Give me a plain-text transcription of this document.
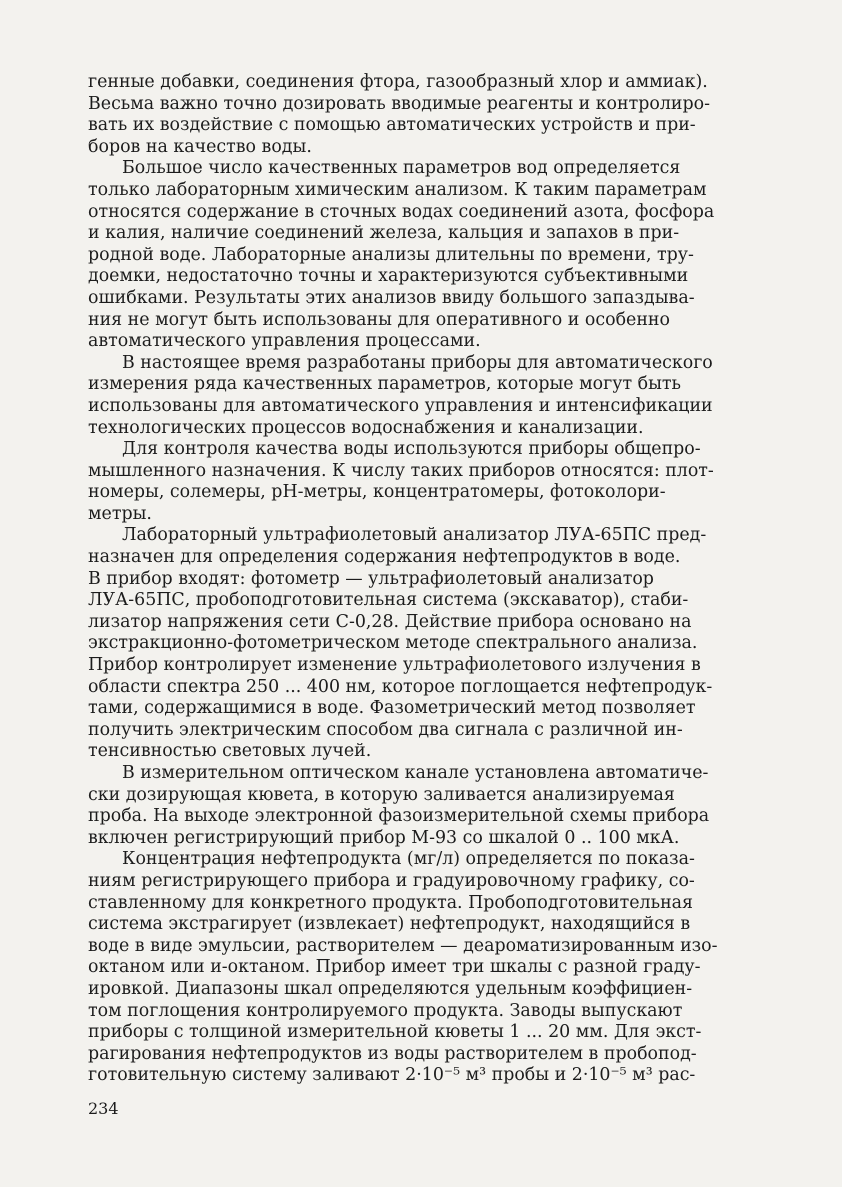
генные добавки, соединения фтора, газообразный хлор и аммиак).
Весьма важно точно дозировать вводимые реагенты и контролиро-
вать их воздействие с помощью автоматических устройств и при-
боров на качество воды.
Большое число качественных параметров вод определяется
только лабораторным химическим анализом. К таким параметрам
относятся содержание в сточных водах соединений азота, фосфора
и калия, наличие соединений железа, кальция и запахов в при-
родной воде. Лабораторные анализы длительны по времени, тру-
доемки, недостаточно точны и характеризуются субъективными
ошибками. Результаты этих анализов ввиду большого запаздыва-
ния не могут быть использованы для оперативного и особенно
автоматического управления процессами.
В настоящее время разработаны приборы для автоматического
измерения ряда качественных параметров, которые могут быть
использованы для автоматического управления и интенсификации
технологических процессов водоснабжения и канализации.
Для контроля качества воды используются приборы общепро-
мышленного назначения. К числу таких приборов относятся: плот-
номеры, солемеры, pH-метры, концентратомеры, фотоколори-
метры.
Лабораторный ультрафиолетовый анализатор ЛУА-65ПС пред-
назначен для определения содержания нефтепродуктов в воде.
В прибор входят: фотометр — ультрафиолетовый анализатор
ЛУА-65ПС, пробоподготовительная система (экскаватор), стаби-
лизатор напряжения сети С-0,28. Действие прибора основано на
экстракционно-фотометрическом методе спектрального анализа.
Прибор контролирует изменение ультрафиолетового излучения в
области спектра 250 ... 400 нм, которое поглощается нефтепродук-
тами, содержащимися в воде. Фазометрический метод позволяет
получить электрическим способом два сигнала с различной ин-
тенсивностью световых лучей.
В измерительном оптическом канале установлена автоматиче-
ски дозирующая кювета, в которую заливается анализируемая
проба. На выходе электронной фазоизмерительной схемы прибора
включен регистрирующий прибор М-93 со шкалой 0 .. 100 мкА.
Концентрация нефтепродукта (мг/л) определяется по показа-
ниям регистрирующего прибора и градуировочному графику, со-
ставленному для конкретного продукта. Пробоподготовительная
система экстрагирует (извлекает) нефтепродукт, находящийся в
воде в виде эмульсии, растворителем — деароматизированным изо-
октаном или и-октаном. Прибор имеет три шкалы с разной граду-
ировкой. Диапазоны шкал определяются удельным коэффициен-
том поглощения контролируемого продукта. Заводы выпускают
приборы с толщиной измерительной кюветы 1 ... 20 мм. Для экст-
рагирования нефтепродуктов из воды растворителем в пробопод-
готовительную систему заливают 2·10⁻⁵ м³ пробы и 2·10⁻⁵ м³ рас-
234
